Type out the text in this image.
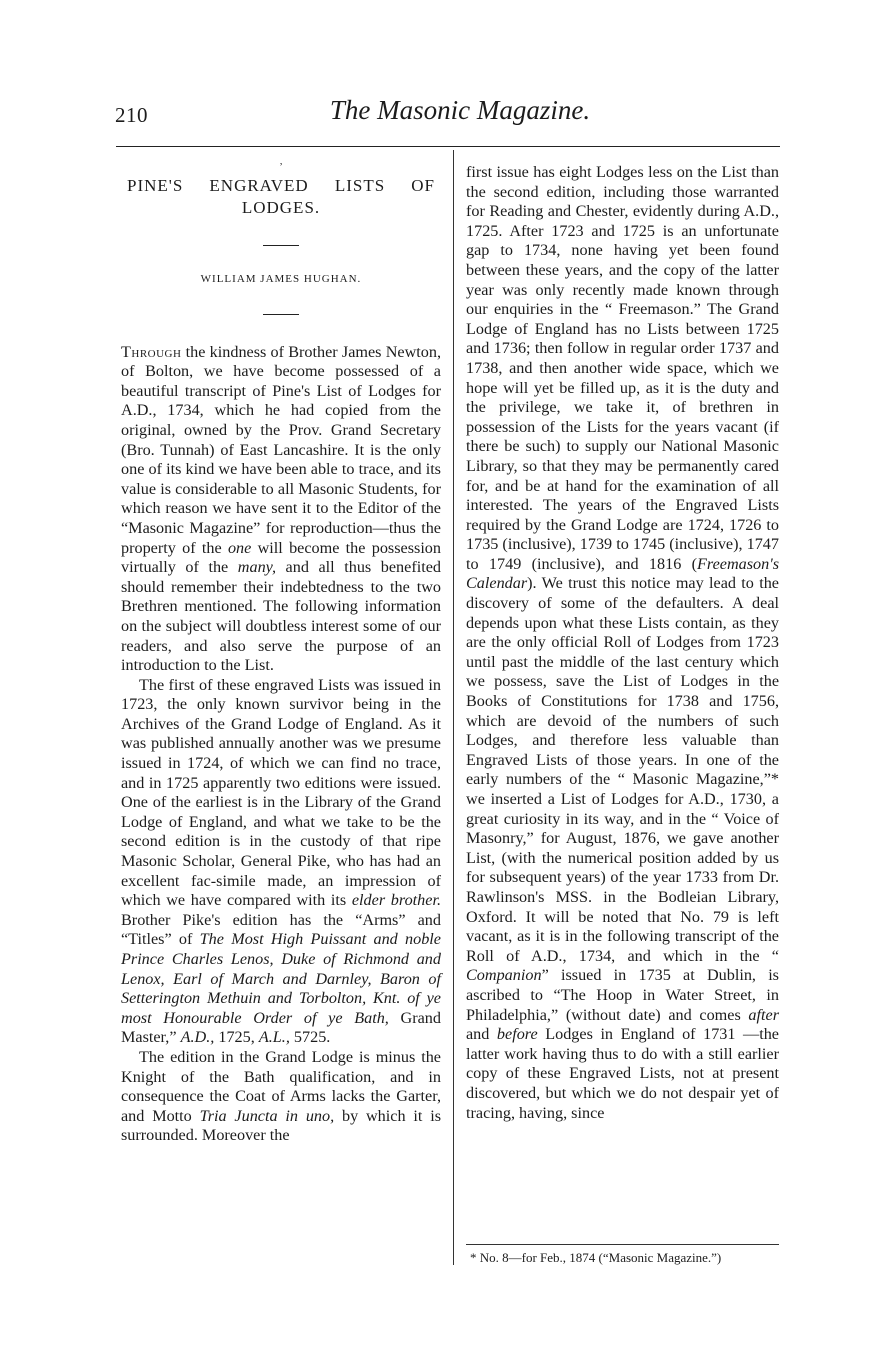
210	The Masonic Magazine.
’
PINE'S ENGRAVED LISTS OF
LODGES.
WILLIAM JAMES HUGHAN.

Through the kindness of Brother James Newton, of Bolton, we have become possessed of a beautiful transcript of Pine's List of Lodges for A.D., 1734, which he had copied from the original, owned by the Prov. Grand Secretary (Bro. Tunnah) of East Lancashire. It is the only one of its kind we have been able to trace, and its value is considerable to all Masonic Students, for which reason we have sent it to the Editor of the “Masonic Magazine” for reproduction—thus the property of the one will become the possession virtually of the many, and all thus benefited should remember their indebtedness to the two Brethren mentioned. The following information on the subject will doubtless interest some of our readers, and also serve the purpose of an introduction to the List.

The first of these engraved Lists was issued in 1723, the only known survivor being in the Archives of the Grand Lodge of England. As it was published annually another was we presume issued in 1724, of which we can find no trace, and in 1725 apparently two editions were issued. One of the earliest is in the Library of the Grand Lodge of England, and what we take to be the second edition is in the custody of that ripe Masonic Scholar, General Pike, who has had an excellent fac-simile made, an impression of which we have compared with its elder brother. Brother Pike's edition has the “Arms” and “Titles” of The Most High Puissant and noble Prince Charles Lenos, Duke of Richmond and Lenox, Earl of March and Darnley, Baron of Setterington Methuin and Torbolton, Knt. of ye most Honourable Order of ye Bath, Grand Master,” A.D., 1725, A.L., 5725.

The edition in the Grand Lodge is minus the Knight of the Bath qualification, and in consequence the Coat of Arms lacks the Garter, and Motto Tria Juncta in uno, by which it is surrounded. Moreover the

first issue has eight Lodges less on the List than the second edition, including those warranted for Reading and Chester, evidently during A.D., 1725. After 1723 and 1725 is an unfortunate gap to 1734, none having yet been found between these years, and the copy of the latter year was only recently made known through our enquiries in the “ Freemason.” The Grand Lodge of England has no Lists between 1725 and 1736; then follow in regular order 1737 and 1738, and then another wide space, which we hope will yet be filled up, as it is the duty and the privilege, we take it, of brethren in possession of the Lists for the years vacant (if there be such) to supply our National Masonic Library, so that they may be permanently cared for, and be at hand for the examination of all interested. The years of the Engraved Lists required by the Grand Lodge are 1724, 1726 to 1735 (inclusive), 1739 to 1745 (inclusive), 1747 to 1749 (inclusive), and 1816 (Freemason's Calendar). We trust this notice may lead to the discovery of some of the defaulters. A deal depends upon what these Lists contain, as they are the only official Roll of Lodges from 1723 until past the middle of the last century which we possess, save the List of Lodges in the Books of Constitutions for 1738 and 1756, which are devoid of the numbers of such Lodges, and therefore less valuable than Engraved Lists of those years. In one of the early numbers of the “ Masonic Magazine,”* we inserted a List of Lodges for A.D., 1730, a great curiosity in its way, and in the “ Voice of Masonry,” for August, 1876, we gave another List, (with the numerical position added by us for subsequent years) of the year 1733 from Dr. Rawlinson's MSS. in the Bodleian Library, Oxford. It will be noted that No. 79 is left vacant, as it is in the following transcript of the Roll of A.D., 1734, and which in the “ Companion” issued in 1735 at Dublin, is ascribed to “The Hoop in Water Street, in Philadelphia,” (without date) and comes after and before Lodges in England of 1731 —the latter work having thus to do with a still earlier copy of these Engraved Lists, not at present discovered, but which we do not despair yet of tracing, having, since

* No. 8—for Feb., 1874 (“Masonic Magazine.”)
